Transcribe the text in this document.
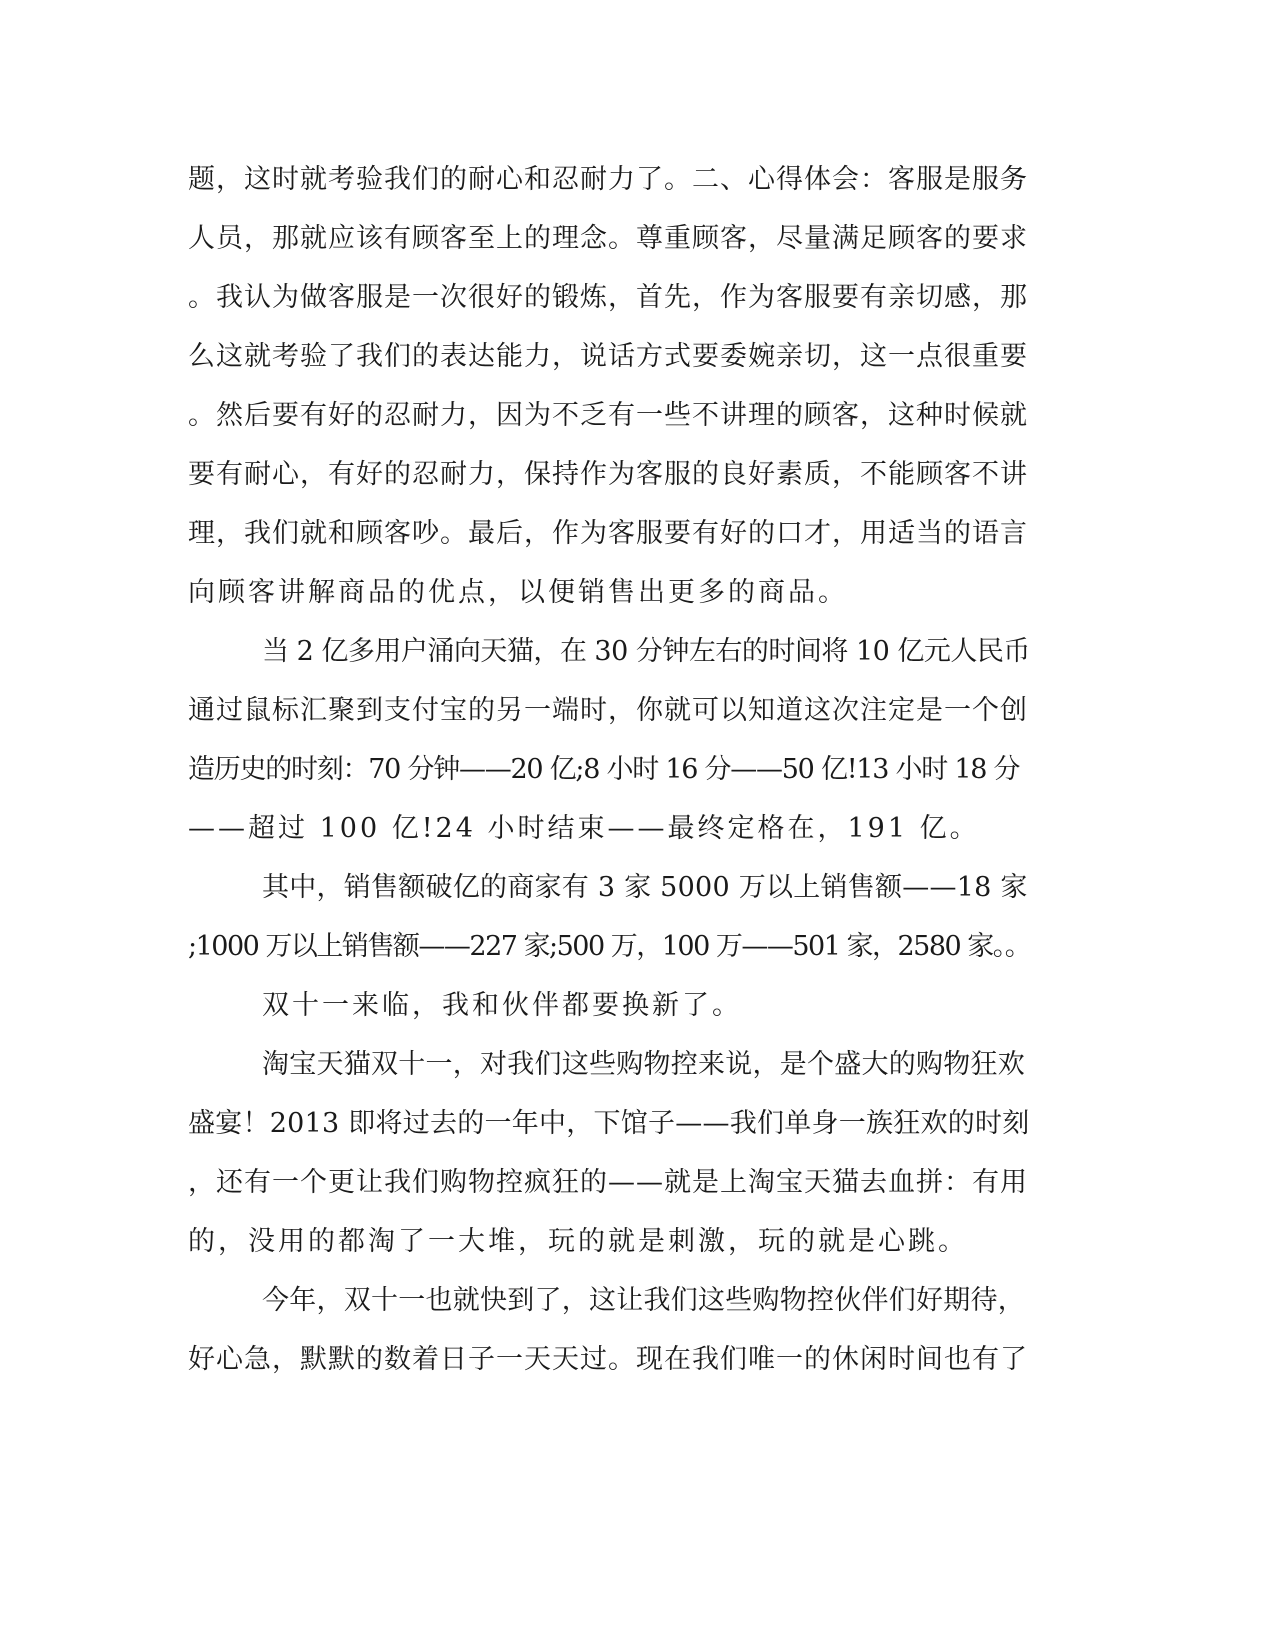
题，这时就考验我们的耐心和忍耐力了。二、心得体会：客服是服务
人员，那就应该有顾客至上的理念。尊重顾客，尽量满足顾客的要求
。我认为做客服是一次很好的锻炼，首先，作为客服要有亲切感，那
么这就考验了我们的表达能力，说话方式要委婉亲切，这一点很重要
。然后要有好的忍耐力，因为不乏有一些不讲理的顾客，这种时候就
要有耐心，有好的忍耐力，保持作为客服的良好素质，不能顾客不讲
理，我们就和顾客吵。最后，作为客服要有好的口才，用适当的语言
向顾客讲解商品的优点，以便销售出更多的商品。
当 2 亿多用户涌向天猫，在 30 分钟左右的时间将 10 亿元人民币
通过鼠标汇聚到支付宝的另一端时，你就可以知道这次注定是一个创
造历史的时刻：70 分钟——20 亿;8 小时 16 分——50 亿!13 小时 18 分
——超过 100 亿!24 小时结束——最终定格在，191 亿。
其中，销售额破亿的商家有 3 家 5000 万以上销售额——18 家
;1000 万以上销售额——227 家;500 万，100 万——501 家，2580 家。。
双十一来临，我和伙伴都要换新了。
淘宝天猫双十一，对我们这些购物控来说，是个盛大的购物狂欢
盛宴！2013 即将过去的一年中，下馆子——我们单身一族狂欢的时刻
，还有一个更让我们购物控疯狂的——就是上淘宝天猫去血拼：有用
的，没用的都淘了一大堆，玩的就是刺激，玩的就是心跳。
今年，双十一也就快到了，这让我们这些购物控伙伴们好期待，
好心急，默默的数着日子一天天过。现在我们唯一的休闲时间也有了
